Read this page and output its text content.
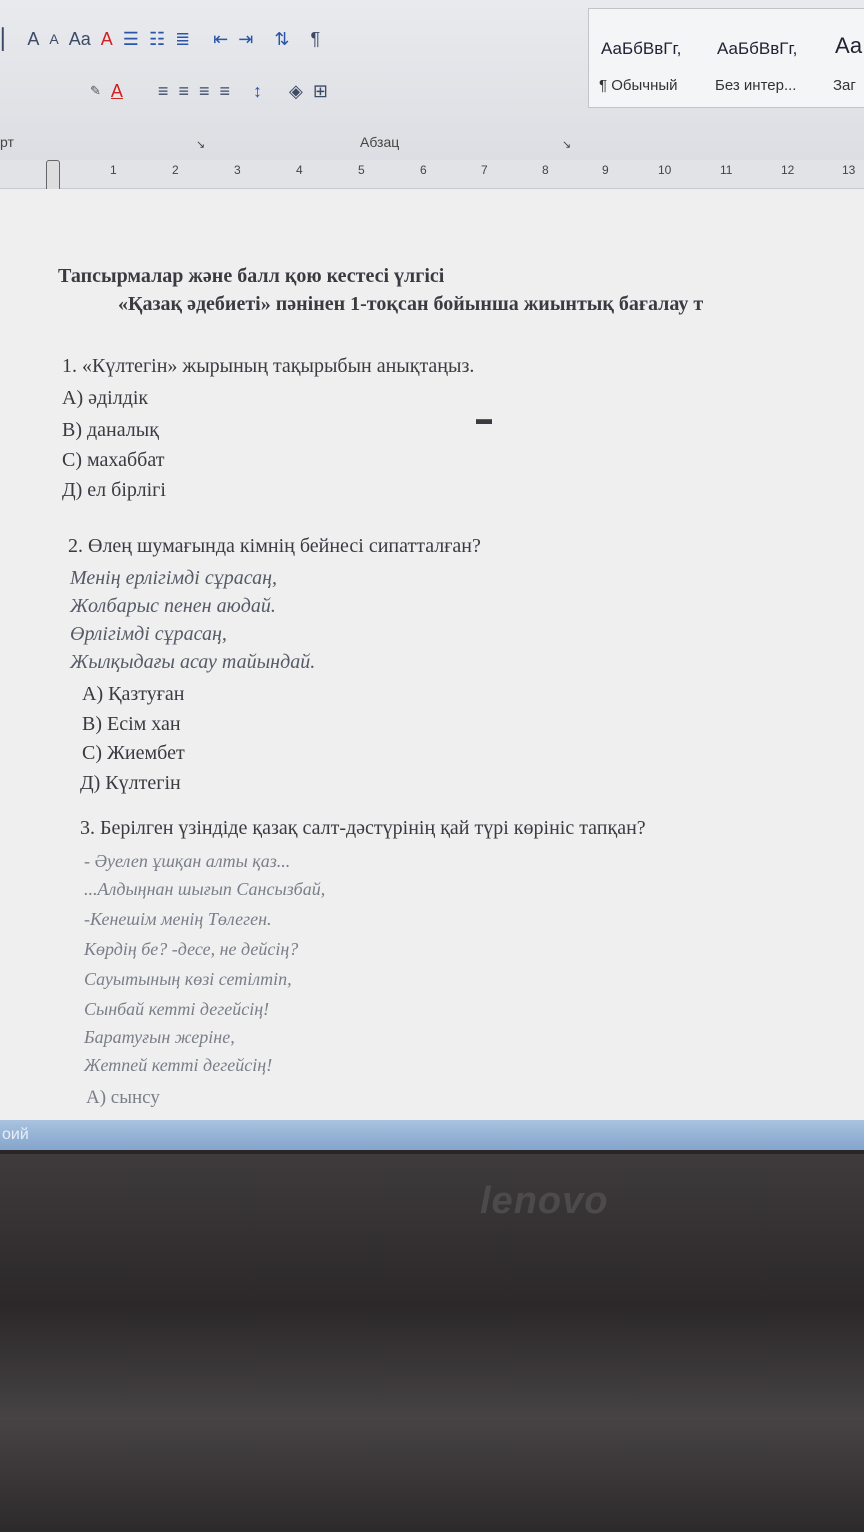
▏ A A Aa A ☰ ☷ ≣ ⇤ ⇥ ⇅ ¶
✎ A ≡ ≡ ≡ ≡ ↕ ◈ ⊞
АаБбВвГг, АаБбВвГг, Аа
¶ Обычный Без интер... Заг
рт	↘	Абзац	↘
1	2	3	4	5	6	7	8	9	10	11	12	13
Тапсырмалар және балл қою кестесі үлгісі
«Қазақ әдебиеті» пәнінен 1-тоқсан бойынша жиынтық бағалау т
1. «Күлтегін» жырының тақырыбын анықтаңыз.
А) әділдік
В) даналық
С) махаббат
Д) ел бірлігі
▬
2. Өлең шумағында кімнің бейнесі сипатталған?
Менің ерлігімді сұрасаң,
Жолбарыс пенен аюдай.
Өрлігімді сұрасаң,
Жылқыдағы асау тайындай.
А) Қазтуған
В) Есім хан
С) Жиембет
Д) Күлтегін
3. Берілген үзіндіде қазақ салт-дәстүрінің қай түрі көрініс тапқан?
- Әуелеп ұшқан алты қаз...
...Алдыңнан шығып Сансызбай,
-Кенешім менің Төлеген.
Көрдің бе? -десе, не дейсің?
Сауытының көзі сетілтіп,
Сынбай кетті дегейсің!
Баратуғын жеріне,
Жетпей кетті дегейсің!
А) сынсу
оий
lenovo
